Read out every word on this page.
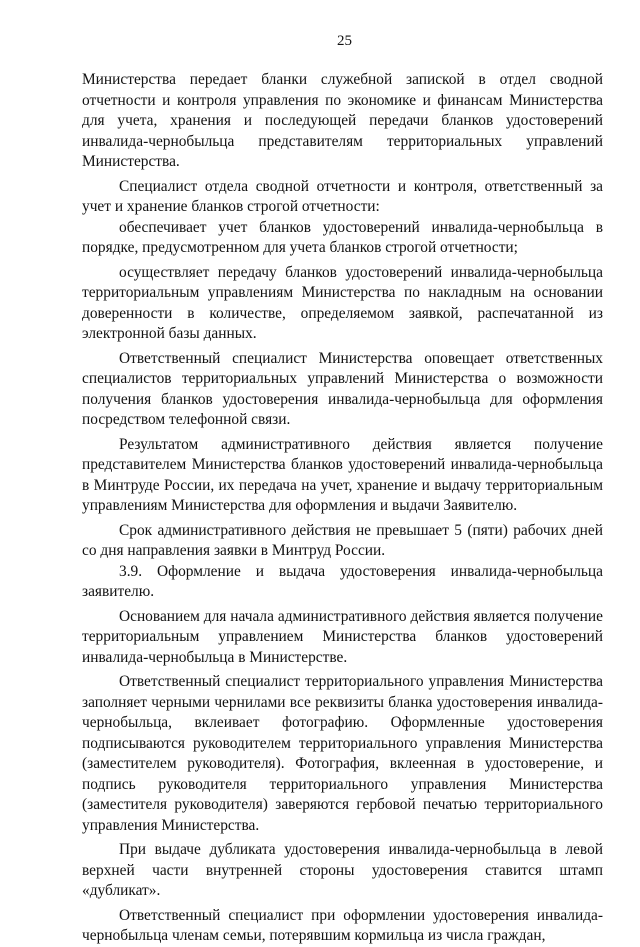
25

Министерства передает бланки служебной запиской в отдел сводной отчетности и контроля управления по экономике и финансам Министерства для учета, хранения и последующей передачи бланков удостоверений инвалида-чернобыльца представителям территориальных управлений Министерства.

Специалист отдела сводной отчетности и контроля, ответственный за учет и хранение бланков строгой отчетности:

обеспечивает учет бланков удостоверений инвалида-чернобыльца в порядке, предусмотренном для учета бланков строгой отчетности;

осуществляет передачу бланков удостоверений инвалида-чернобыльца территориальным управлениям Министерства по накладным на основании доверенности в количестве, определяемом заявкой, распечатанной из электронной базы данных.

Ответственный специалист Министерства оповещает ответственных специалистов территориальных управлений Министерства о возможности получения бланков удостоверения инвалида-чернобыльца для оформления посредством телефонной связи.

Результатом административного действия является получение представителем Министерства бланков удостоверений инвалида-чернобыльца в Минтруде России, их передача на учет, хранение и выдачу территориальным управлениям Министерства для оформления и выдачи Заявителю.

Срок административного действия не превышает 5 (пяти) рабочих дней со дня направления заявки в Минтруд России.

3.9. Оформление и выдача удостоверения инвалида-чернобыльца заявителю.

Основанием для начала административного действия является получение территориальным управлением Министерства бланков удостоверений инвалида-чернобыльца в Министерстве.

Ответственный специалист территориального управления Министерства заполняет черными чернилами все реквизиты бланка удостоверения инвалида-чернобыльца, вклеивает фотографию. Оформленные удостоверения подписываются руководителем территориального управления Министерства (заместителем руководителя). Фотография, вклеенная в удостоверение, и подпись руководителя территориального управления Министерства (заместителя руководителя) заверяются гербовой печатью территориального управления Министерства.

При выдаче дубликата удостоверения инвалида-чернобыльца в левой верхней части внутренней стороны удостоверения ставится штамп «дубликат».

Ответственный специалист при оформлении удостоверения инвалида-чернобыльца членам семьи, потерявшим кормильца из числа граждан,
